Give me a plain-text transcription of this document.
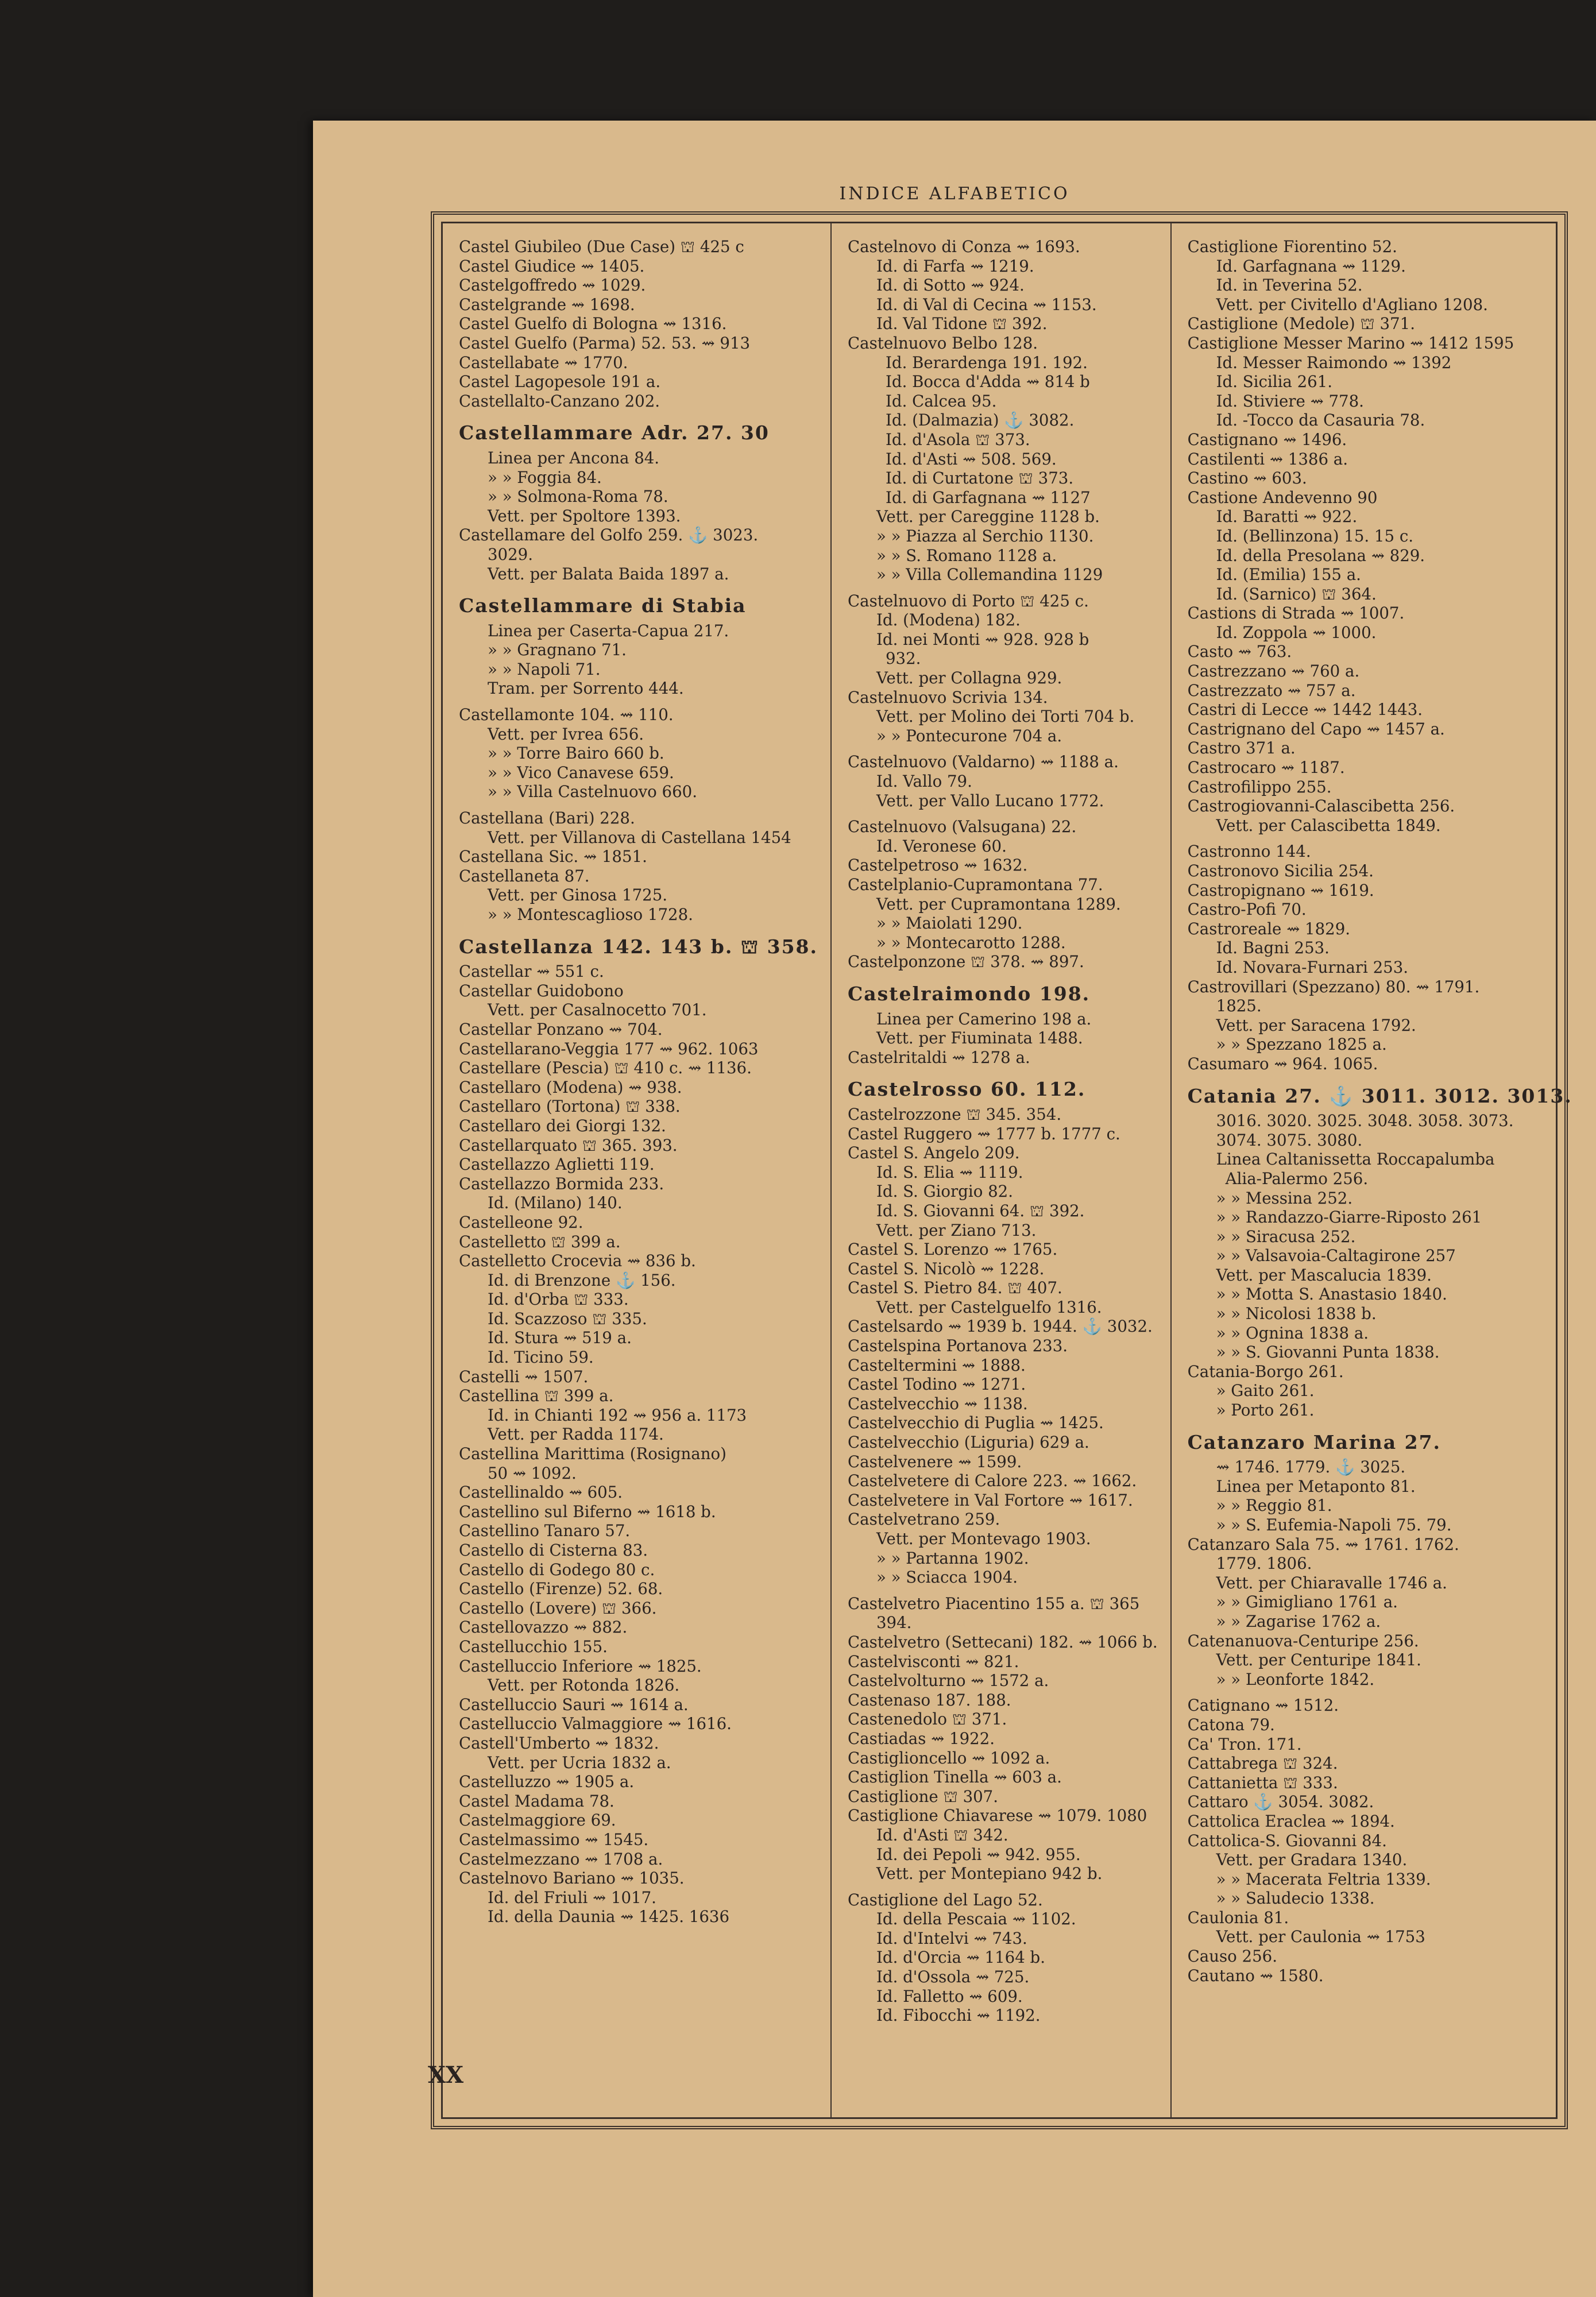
INDICE ALFABETICO
Castel Giubileo (Due Case) ⛫ 425 c
Castel Giudice ⇝ 1405.
Castelgoffredo ⇝ 1029.
Castelgrande ⇝ 1698.
Castel Guelfo di Bologna ⇝ 1316.
Castel Guelfo (Parma) 52. 53. ⇝ 913
Castellabate ⇝ 1770.
Castel Lagopesole 191 a.
Castellalto-Canzano 202.
Castellammare Adr. 27. 30
Linea per Ancona 84.
» » Foggia 84.
» » Solmona-Roma 78.
Vett. per Spoltore 1393.
Castellamare del Golfo 259. ⚓ 3023.
3029.
Vett. per Balata Baida 1897 a.
Castellammare di Stabia
Linea per Caserta-Capua 217.
» » Gragnano 71.
» » Napoli 71.
Tram. per Sorrento 444.
Castellamonte 104. ⇝ 110.
Vett. per Ivrea 656.
» » Torre Bairo 660 b.
» » Vico Canavese 659.
» » Villa Castelnuovo 660.
Castellana (Bari) 228.
Vett. per Villanova di Castellana 1454
Castellana Sic. ⇝ 1851.
Castellaneta 87.
Vett. per Ginosa 1725.
» » Montescaglioso 1728.
Castellanza 142. 143 b. ⛫ 358.
Castellar ⇝ 551 c.
Castellar Guidobono
Vett. per Casalnocetto 701.
Castellar Ponzano ⇝ 704.
Castellarano-Veggia 177 ⇝ 962. 1063
Castellare (Pescia) ⛫ 410 c. ⇝ 1136.
Castellaro (Modena) ⇝ 938.
Castellaro (Tortona) ⛫ 338.
Castellaro dei Giorgi 132.
Castellarquato ⛫ 365. 393.
Castellazzo Aglietti 119.
Castellazzo Bormida 233.
Id. (Milano) 140.
Castelleone 92.
Castelletto ⛫ 399 a.
Castelletto Crocevia ⇝ 836 b.
Id. di Brenzone ⚓ 156.
Id. d'Orba ⛫ 333.
Id. Scazzoso ⛫ 335.
Id. Stura ⇝ 519 a.
Id. Ticino 59.
Castelli ⇝ 1507.
Castellina ⛫ 399 a.
Id. in Chianti 192 ⇝ 956 a. 1173
Vett. per Radda 1174.
Castellina Marittima (Rosignano)
50 ⇝ 1092.
Castellinaldo ⇝ 605.
Castellino sul Biferno ⇝ 1618 b.
Castellino Tanaro 57.
Castello di Cisterna 83.
Castello di Godego 80 c.
Castello (Firenze) 52. 68.
Castello (Lovere) ⛫ 366.
Castellovazzo ⇝ 882.
Castellucchio 155.
Castelluccio Inferiore ⇝ 1825.
Vett. per Rotonda 1826.
Castelluccio Sauri ⇝ 1614 a.
Castelluccio Valmaggiore ⇝ 1616.
Castell'Umberto ⇝ 1832.
Vett. per Ucria 1832 a.
Castelluzzo ⇝ 1905 a.
Castel Madama 78.
Castelmaggiore 69.
Castelmassimo ⇝ 1545.
Castelmezzano ⇝ 1708 a.
Castelnovo Bariano ⇝ 1035.
Id. del Friuli ⇝ 1017.
Id. della Daunia ⇝ 1425. 1636
Castelnovo di Conza ⇝ 1693.
Id. di Farfa ⇝ 1219.
Id. di Sotto ⇝ 924.
Id. di Val di Cecina ⇝ 1153.
Id. Val Tidone ⛫ 392.
Castelnuovo Belbo 128.
Id. Berardenga 191. 192.
Id. Bocca d'Adda ⇝ 814 b
Id. Calcea 95.
Id. (Dalmazia) ⚓ 3082.
Id. d'Asola ⛫ 373.
Id. d'Asti ⇝ 508. 569.
Id. di Curtatone ⛫ 373.
Id. di Garfagnana ⇝ 1127
Vett. per Careggine 1128 b.
» » Piazza al Serchio 1130.
» » S. Romano 1128 a.
» » Villa Collemandina 1129
Castelnuovo di Porto ⛫ 425 c.
Id. (Modena) 182.
Id. nei Monti ⇝ 928. 928 b
932.
Vett. per Collagna 929.
Castelnuovo Scrivia 134.
Vett. per Molino dei Torti 704 b.
» » Pontecurone 704 a.
Castelnuovo (Valdarno) ⇝ 1188 a.
Id. Vallo 79.
Vett. per Vallo Lucano 1772.
Castelnuovo (Valsugana) 22.
Id. Veronese 60.
Castelpetroso ⇝ 1632.
Castelplanio-Cupramontana 77.
Vett. per Cupramontana 1289.
» » Maiolati 1290.
» » Montecarotto 1288.
Castelponzone ⛫ 378. ⇝ 897.
Castelraimondo 198.
Linea per Camerino 198 a.
Vett. per Fiuminata 1488.
Castelritaldi ⇝ 1278 a.
Castelrosso 60. 112.
Castelrozzone ⛫ 345. 354.
Castel Ruggero ⇝ 1777 b. 1777 c.
Castel S. Angelo 209.
Id. S. Elia ⇝ 1119.
Id. S. Giorgio 82.
Id. S. Giovanni 64. ⛫ 392.
Vett. per Ziano 713.
Castel S. Lorenzo ⇝ 1765.
Castel S. Nicolò ⇝ 1228.
Castel S. Pietro 84. ⛫ 407.
Vett. per Castelguelfo 1316.
Castelsardo ⇝ 1939 b. 1944. ⚓ 3032.
Castelspina Portanova 233.
Casteltermini ⇝ 1888.
Castel Todino ⇝ 1271.
Castelvecchio ⇝ 1138.
Castelvecchio di Puglia ⇝ 1425.
Castelvecchio (Liguria) 629 a.
Castelvenere ⇝ 1599.
Castelvetere di Calore 223. ⇝ 1662.
Castelvetere in Val Fortore ⇝ 1617.
Castelvetrano 259.
Vett. per Montevago 1903.
» » Partanna 1902.
» » Sciacca 1904.
Castelvetro Piacentino 155 a. ⛫ 365
394.
Castelvetro (Settecani) 182. ⇝ 1066 b.
Castelvisconti ⇝ 821.
Castelvolturno ⇝ 1572 a.
Castenaso 187. 188.
Castenedolo ⛫ 371.
Castiadas ⇝ 1922.
Castiglioncello ⇝ 1092 a.
Castiglion Tinella ⇝ 603 a.
Castiglione ⛫ 307.
Castiglione Chiavarese ⇝ 1079. 1080
Id. d'Asti ⛫ 342.
Id. dei Pepoli ⇝ 942. 955.
Vett. per Montepiano 942 b.
Castiglione del Lago 52.
Id. della Pescaia ⇝ 1102.
Id. d'Intelvi ⇝ 743.
Id. d'Orcia ⇝ 1164 b.
Id. d'Ossola ⇝ 725.
Id. Falletto ⇝ 609.
Id. Fibocchi ⇝ 1192.
Castiglione Fiorentino 52.
Id. Garfagnana ⇝ 1129.
Id. in Teverina 52.
Vett. per Civitello d'Agliano 1208.
Castiglione (Medole) ⛫ 371.
Castiglione Messer Marino ⇝ 1412 1595
Id. Messer Raimondo ⇝ 1392
Id. Sicilia 261.
Id. Stiviere ⇝ 778.
Id. -Tocco da Casauria 78.
Castignano ⇝ 1496.
Castilenti ⇝ 1386 a.
Castino ⇝ 603.
Castione Andevenno 90
Id. Baratti ⇝ 922.
Id. (Bellinzona) 15. 15 c.
Id. della Presolana ⇝ 829.
Id. (Emilia) 155 a.
Id. (Sarnico) ⛫ 364.
Castions di Strada ⇝ 1007.
Id. Zoppola ⇝ 1000.
Casto ⇝ 763.
Castrezzano ⇝ 760 a.
Castrezzato ⇝ 757 a.
Castri di Lecce ⇝ 1442 1443.
Castrignano del Capo ⇝ 1457 a.
Castro 371 a.
Castrocaro ⇝ 1187.
Castrofilippo 255.
Castrogiovanni-Calascibetta 256.
Vett. per Calascibetta 1849.
Castronno 144.
Castronovo Sicilia 254.
Castropignano ⇝ 1619.
Castro-Pofi 70.
Castroreale ⇝ 1829.
Id. Bagni 253.
Id. Novara-Furnari 253.
Castrovillari (Spezzano) 80. ⇝ 1791.
1825.
Vett. per Saracena 1792.
» » Spezzano 1825 a.
Casumaro ⇝ 964. 1065.
Catania 27. ⚓ 3011. 3012. 3013.
3016. 3020. 3025. 3048. 3058. 3073.
3074. 3075. 3080.
Linea Caltanissetta Roccapalumba
Alia-Palermo 256.
» » Messina 252.
» » Randazzo-Giarre-Riposto 261
» » Siracusa 252.
» » Valsavoia-Caltagirone 257
Vett. per Mascalucia 1839.
» » Motta S. Anastasio 1840.
» » Nicolosi 1838 b.
» » Ognina 1838 a.
» » S. Giovanni Punta 1838.
Catania-Borgo 261.
» Gaito 261.
» Porto 261.
Catanzaro Marina 27.
⇝ 1746. 1779. ⚓ 3025.
Linea per Metaponto 81.
» » Reggio 81.
» » S. Eufemia-Napoli 75. 79.
Catanzaro Sala 75. ⇝ 1761. 1762.
1779. 1806.
Vett. per Chiaravalle 1746 a.
» » Gimigliano 1761 a.
» » Zagarise 1762 a.
Catenanuova-Centuripe 256.
Vett. per Centuripe 1841.
» » Leonforte 1842.
Catignano ⇝ 1512.
Catona 79.
Ca' Tron. 171.
Cattabrega ⛫ 324.
Cattanietta ⛫ 333.
Cattaro ⚓ 3054. 3082.
Cattolica Eraclea ⇝ 1894.
Cattolica-S. Giovanni 84.
Vett. per Gradara 1340.
» » Macerata Feltria 1339.
» » Saludecio 1338.
Caulonia 81.
Vett. per Caulonia ⇝ 1753
Causo 256.
Cautano ⇝ 1580.
XX
